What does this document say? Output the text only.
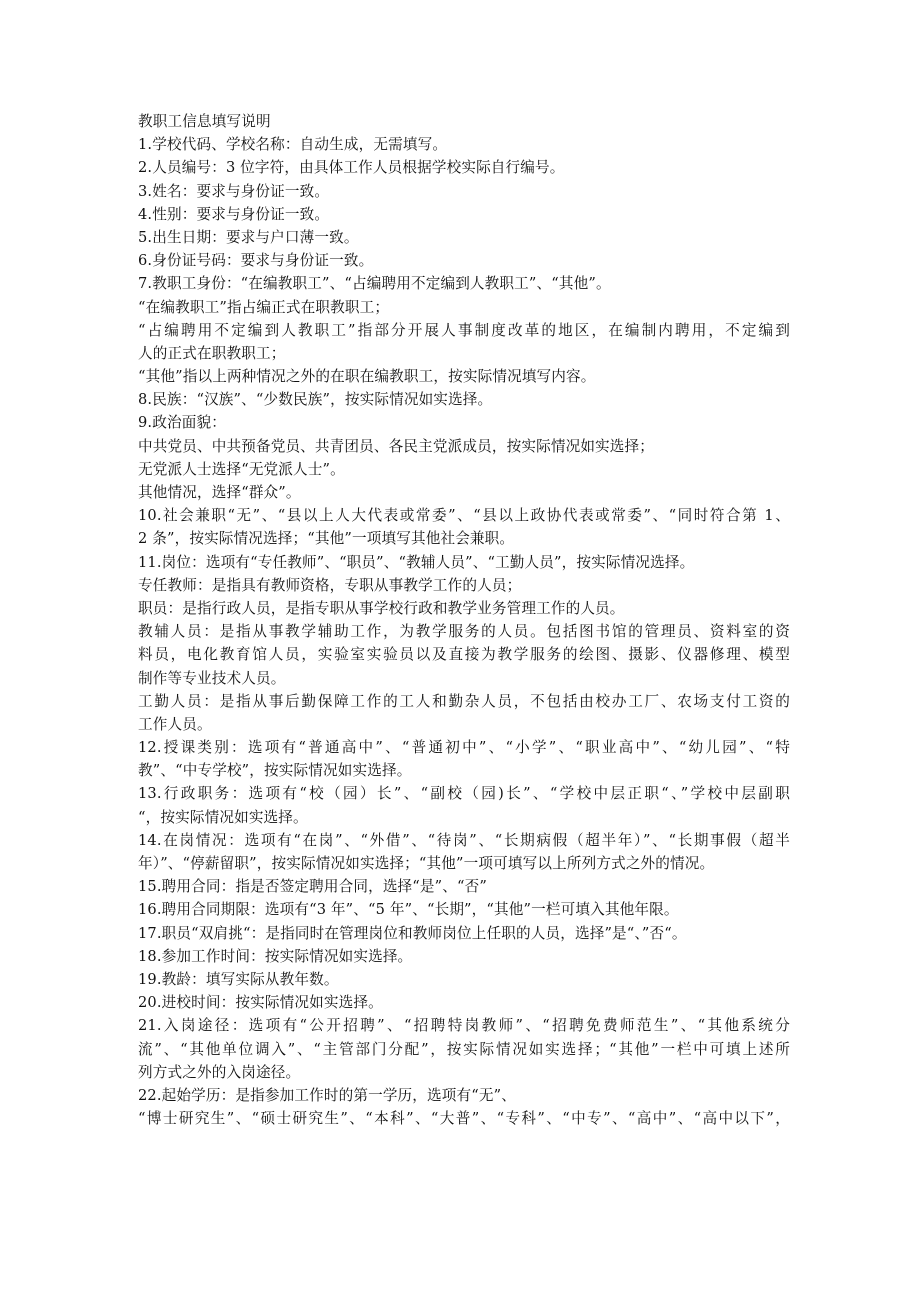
教职工信息填写说明

1.学校代码、学校名称：自动生成，无需填写。

2.人员编号：3 位字符，由具体工作人员根据学校实际自行编号。

3.姓名：要求与身份证一致。

4.性别：要求与身份证一致。

5.出生日期：要求与户口薄一致。

6.身份证号码：要求与身份证一致。

7.教职工身份：“在编教职工”、“占编聘用不定编到人教职工”、“其他”。

“在编教职工”指占编正式在职教职工；

“占编聘用不定编到人教职工”指部分开展人事制度改革的地区，在编制内聘用，不定编到

人的正式在职教职工；

“其他”指以上两种情况之外的在职在编教职工，按实际情况填写内容。

8.民族：“汉族”、“少数民族”，按实际情况如实选择。

9.政治面貌：

中共党员、中共预备党员、共青团员、各民主党派成员，按实际情况如实选择；

无党派人士选择“无党派人士”。

其他情况，选择“群众”。

10.社会兼职“无”、“县以上人大代表或常委”、“县以上政协代表或常委”、“同时符合第 1、

2 条”，按实际情况选择；“其他”一项填写其他社会兼职。

11.岗位：选项有“专任教师”、“职员”、“教辅人员”、“工勤人员”，按实际情况选择。

专任教师：是指具有教师资格，专职从事教学工作的人员；

职员：是指行政人员，是指专职从事学校行政和教学业务管理工作的人员。

教辅人员：是指从事教学辅助工作，为教学服务的人员。包括图书馆的管理员、资料室的资

料员，电化教育馆人员，实验室实验员以及直接为教学服务的绘图、摄影、仪器修理、模型

制作等专业技术人员。

工勤人员：是指从事后勤保障工作的工人和勤杂人员，不包括由校办工厂、农场支付工资的

工作人员。

12.授课类别：选项有“普通高中”、“普通初中”、“小学”、“职业高中”、“幼儿园”、“特

教”、“中专学校”，按实际情况如实选择。

13.行政职务：选项有“校（园）长”、“副校（园)长”、“学校中层正职“、”学校中层副职

“，按实际情况如实选择。

14.在岗情况：选项有“在岗”、“外借”、“待岗”、“长期病假（超半年）”、“长期事假（超半

年）”、“停薪留职”，按实际情况如实选择；“其他”一项可填写以上所列方式之外的情况。

15.聘用合同：指是否签定聘用合同，选择“是”、“否”

16.聘用合同期限：选项有“3 年”、“5 年”、“长期”，“其他”一栏可填入其他年限。

17.职员“双肩挑“：是指同时在管理岗位和教师岗位上任职的人员，选择”是“、”否“。

18.参加工作时间：按实际情况如实选择。

19.教龄：填写实际从教年数。

20.进校时间：按实际情况如实选择。

21.入岗途径：选项有“公开招聘”、“招聘特岗教师”、“招聘免费师范生”、“其他系统分

流”、“其他单位调入”、“主管部门分配”，按实际情况如实选择；“其他”一栏中可填上述所

列方式之外的入岗途径。

22.起始学历：是指参加工作时的第一学历，选项有“无”、

“博士研究生”、“硕士研究生”、“本科”、“大普”、“专科”、“中专”、“高中”、“高中以下”，
